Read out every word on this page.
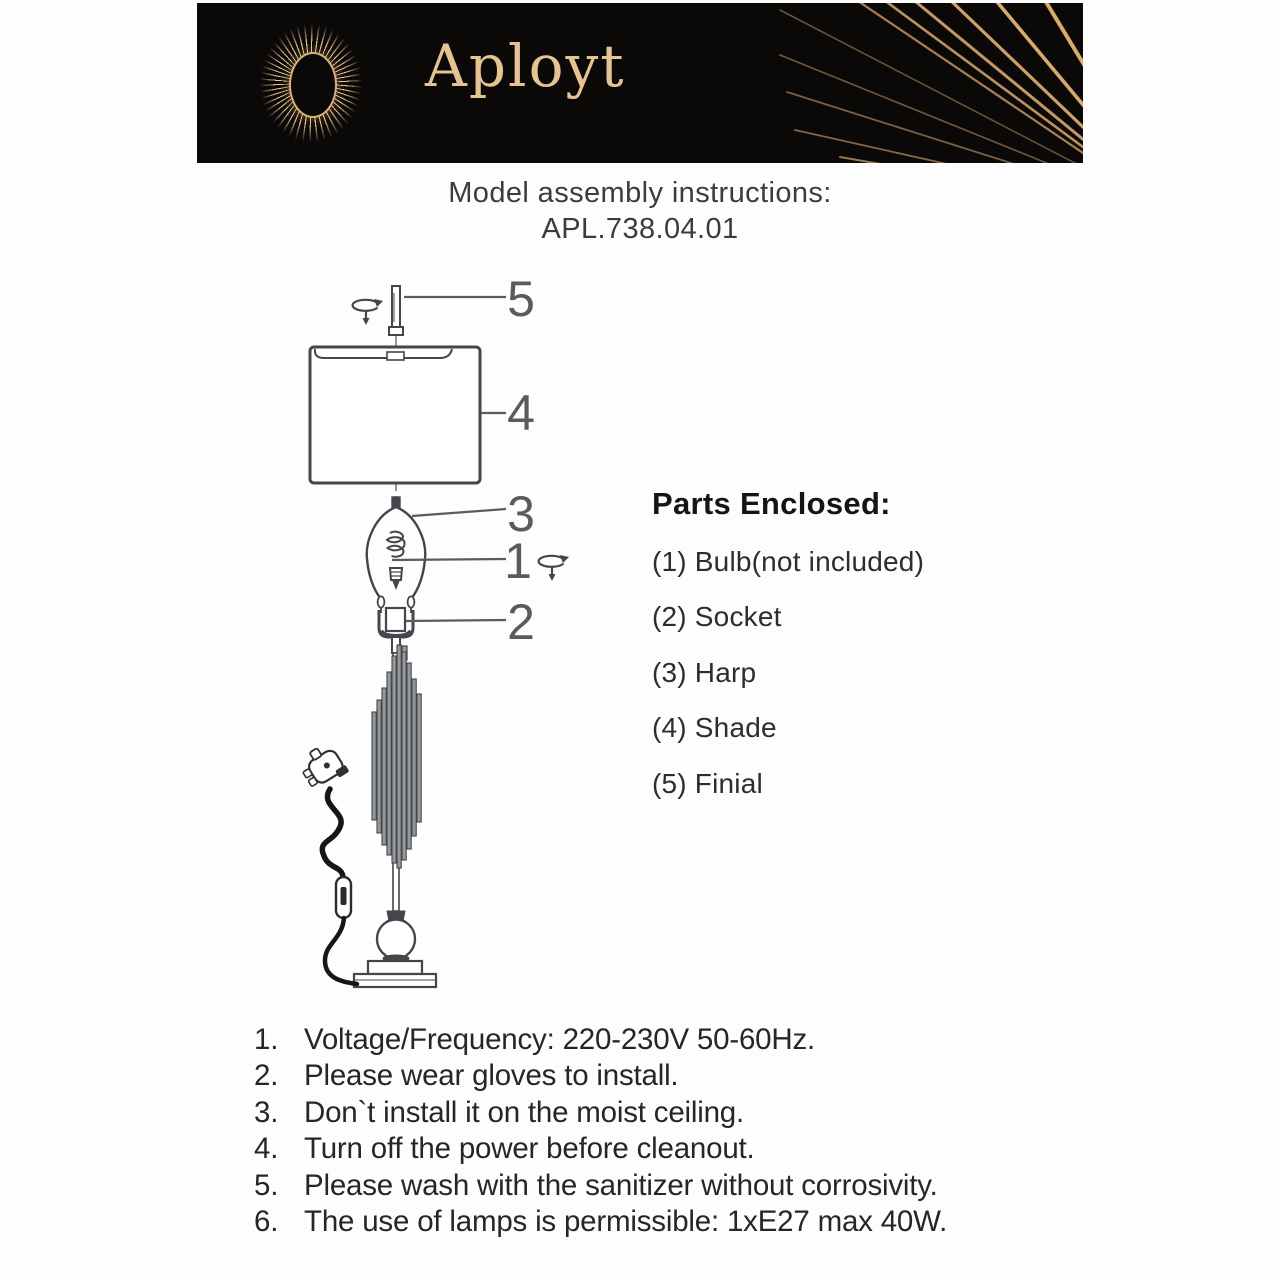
Aployt
Model assembly instructions:
APL.738.04.01
5
4
3
1
2
Parts Enclosed:
(1) Bulb(not included)
(2) Socket
(3) Harp
(4) Shade
(5) Finial
1. Voltage/Frequency: 220-230V 50-60Hz.
2. Please wear gloves to install.
3. Don`t install it on the moist ceiling.
4. Turn off the power before cleanout.
5. Please wash with the sanitizer without corrosivity.
6. The use of lamps is permissible: 1xE27 max 40W.
